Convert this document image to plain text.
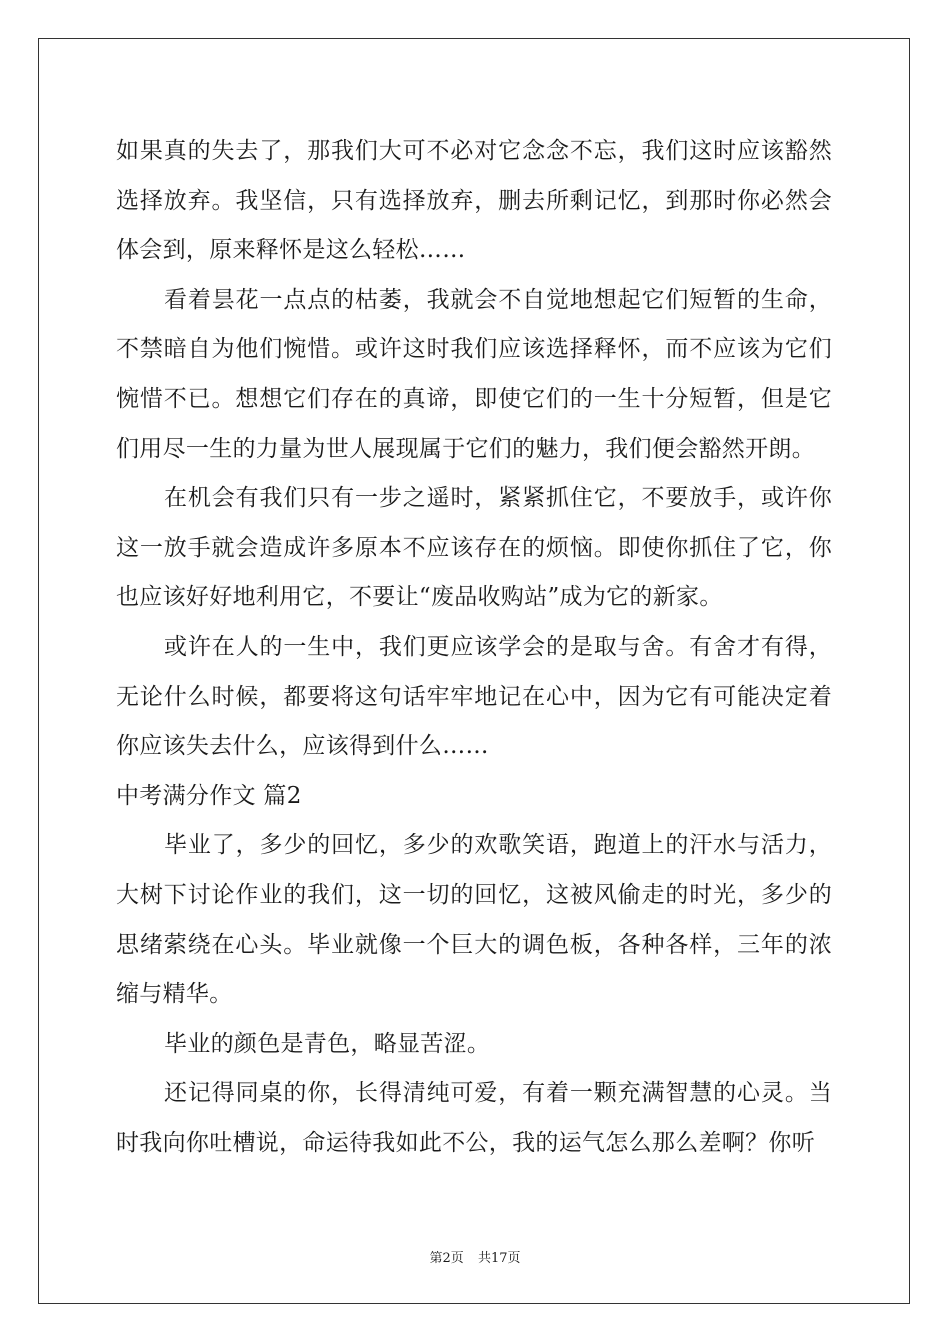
如果真的失去了，那我们大可不必对它念念不忘，我们这时应该豁然选择放弃。我坚信，只有选择放弃，删去所剩记忆，到那时你必然会体会到，原来释怀是这么轻松……

看着昙花一点点的枯萎，我就会不自觉地想起它们短暂的生命，不禁暗自为他们惋惜。或许这时我们应该选择释怀，而不应该为它们惋惜不已。想想它们存在的真谛，即使它们的一生十分短暂，但是它们用尽一生的力量为世人展现属于它们的魅力，我们便会豁然开朗。

在机会有我们只有一步之遥时，紧紧抓住它，不要放手，或许你这一放手就会造成许多原本不应该存在的烦恼。即使你抓住了它，你也应该好好地利用它，不要让“废品收购站”成为它的新家。

或许在人的一生中，我们更应该学会的是取与舍。有舍才有得，无论什么时候，都要将这句话牢牢地记在心中，因为它有可能决定着你应该失去什么，应该得到什么……

中考满分作文 篇2

毕业了，多少的回忆，多少的欢歌笑语，跑道上的汗水与活力，大树下讨论作业的我们，这一切的回忆，这被风偷走的时光，多少的思绪萦绕在心头。毕业就像一个巨大的调色板，各种各样，三年的浓缩与精华。

毕业的颜色是青色，略显苦涩。

还记得同桌的你，长得清纯可爱，有着一颗充满智慧的心灵。当时我向你吐槽说，命运待我如此不公，我的运气怎么那么差啊？你听

第2页 共17页
